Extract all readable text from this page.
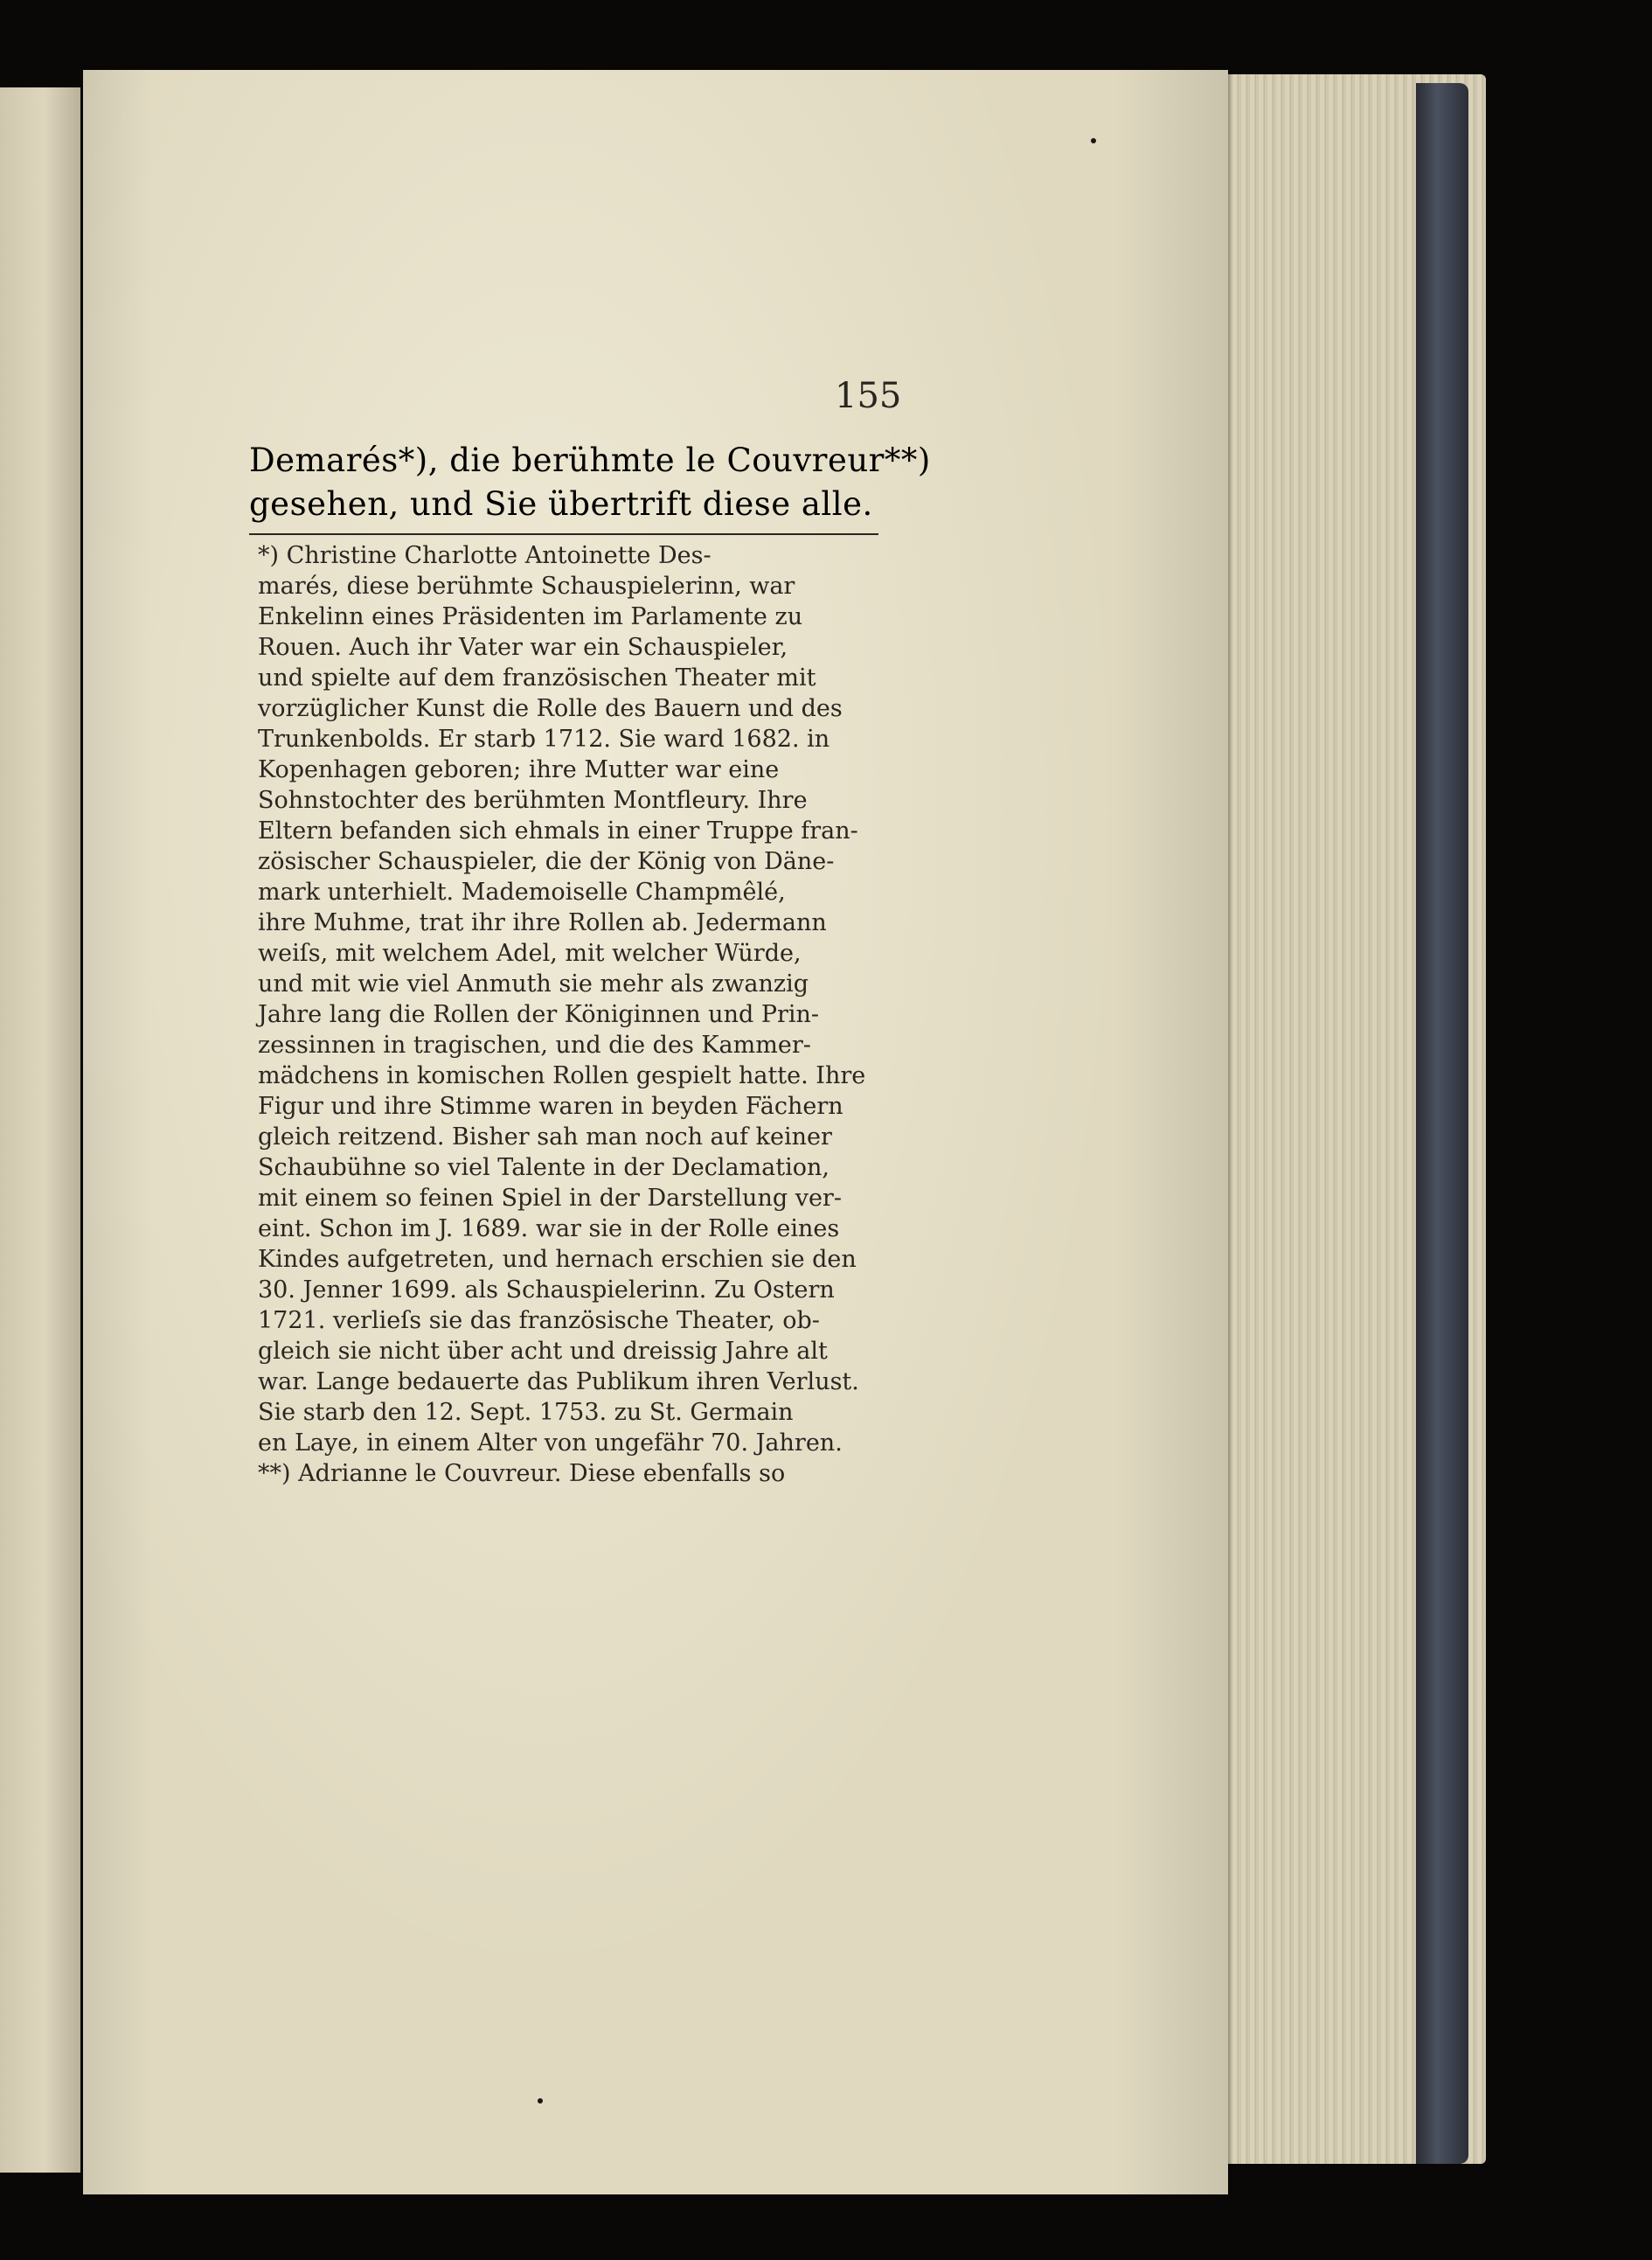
155
Demarés*), die berühmte le Couvreur**)
gesehen, und Sie übertrift diese alle.
*) Christine Charlotte Antoinette Des-
marés, diese berühmte Schauspielerinn, war
Enkelinn eines Präsidenten im Parlamente zu
Rouen. Auch ihr Vater war ein Schauspieler,
und spielte auf dem französischen Theater mit
vorzüglicher Kunst die Rolle des Bauern und des
Trunkenbolds. Er starb 1712. Sie ward 1682. in
Kopenhagen geboren; ihre Mutter war eine
Sohnstochter des berühmten Montfleury. Ihre
Eltern befanden sich ehmals in einer Truppe fran-
zösischer Schauspieler, die der König von Däne-
mark unterhielt. Mademoiselle Champmêlé,
ihre Muhme, trat ihr ihre Rollen ab. Jedermann
weiſs, mit welchem Adel, mit welcher Würde,
und mit wie viel Anmuth sie mehr als zwanzig
Jahre lang die Rollen der Königinnen und Prin-
zessinnen in tragischen, und die des Kammer-
mädchens in komischen Rollen gespielt hatte. Ihre
Figur und ihre Stimme waren in beyden Fächern
gleich reitzend. Bisher sah man noch auf keiner
Schaubühne so viel Talente in der Declamation,
mit einem so feinen Spiel in der Darstellung ver-
eint. Schon im J. 1689. war sie in der Rolle eines
Kindes aufgetreten, und hernach erschien sie den
30. Jenner 1699. als Schauspielerinn. Zu Ostern
1721. verlieſs sie das französische Theater, ob-
gleich sie nicht über acht und dreissig Jahre alt
war. Lange bedauerte das Publikum ihren Verlust.
Sie starb den 12. Sept. 1753. zu St. Germain
en Laye, in einem Alter von ungefähr 70. Jahren.
**) Adrianne le Couvreur. Diese ebenfalls so
